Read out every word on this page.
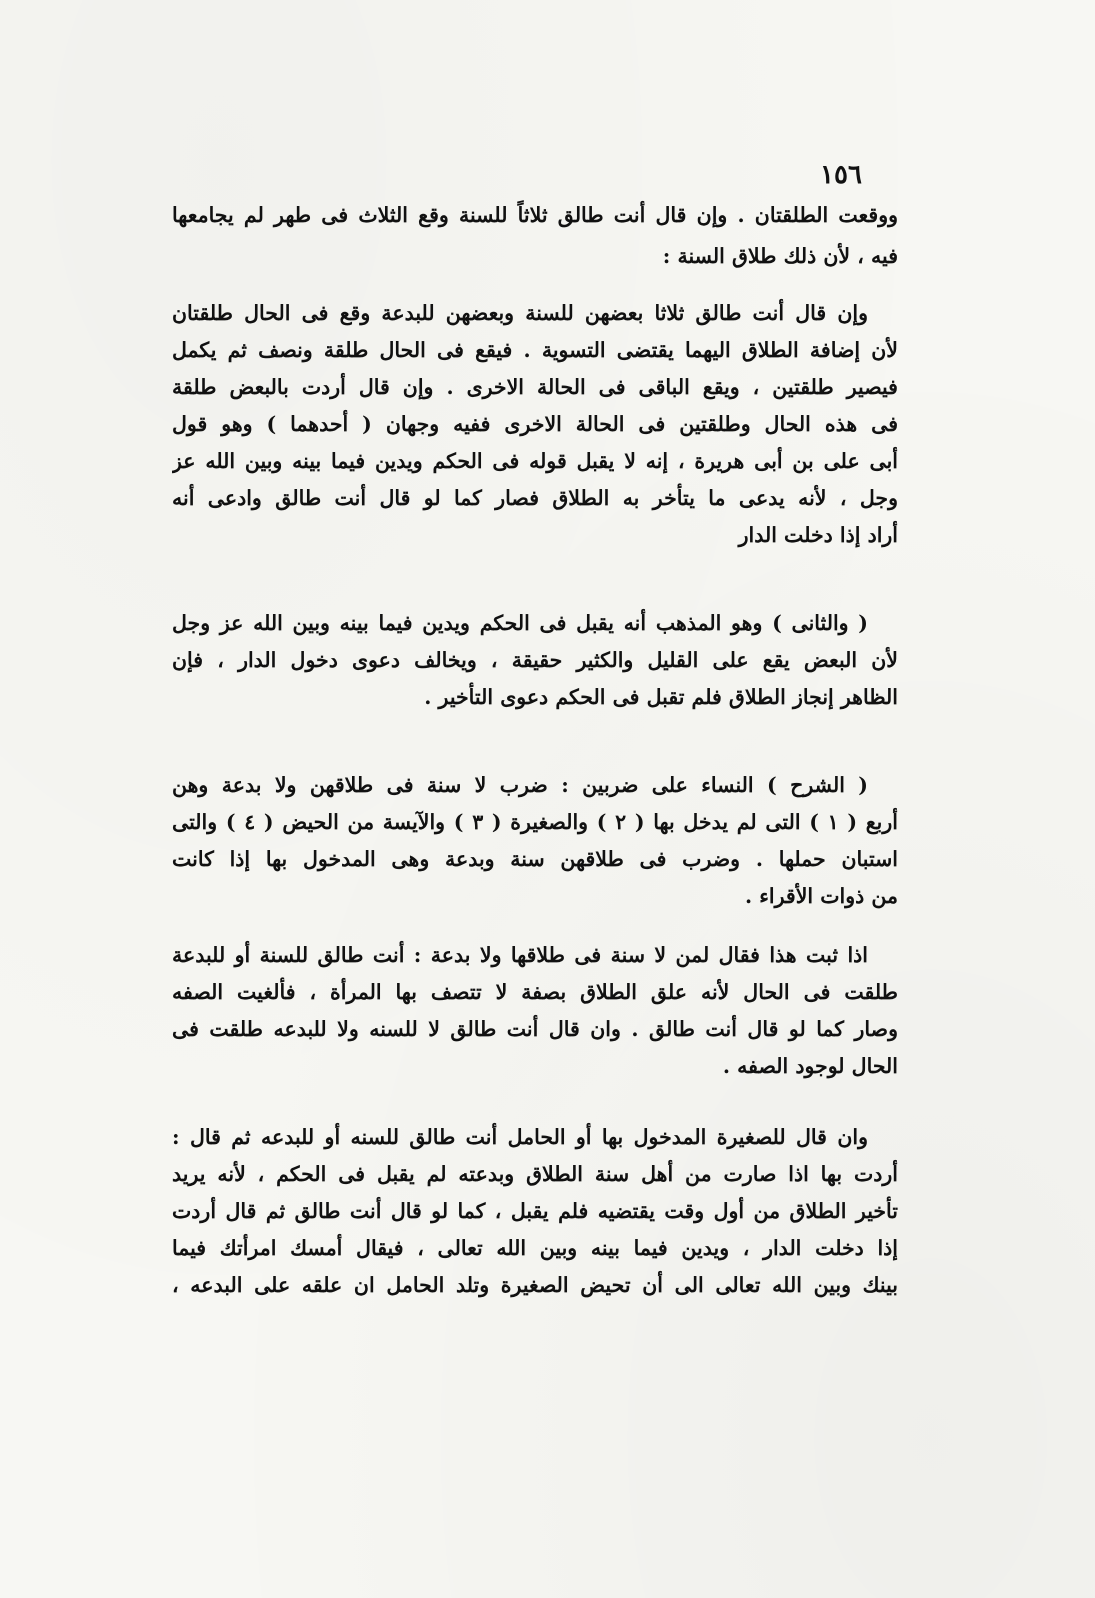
١٥٦
ووقعت الطلقتان . وإن قال أنت طالق ثلاثاً للسنة وقع الثلاث فى طهر لم يجامعها
فيه ، لأن ذلك طلاق السنة :
وإن قال أنت طالق ثلاثا بعضهن للسنة وبعضهن للبدعة وقع فى الحال طلقتان
لأن إضافة الطلاق اليهما يقتضى التسوية . فيقع فى الحال طلقة ونصف ثم يكمل
فيصير طلقتين ، ويقع الباقى فى الحالة الاخرى . وإن قال أردت بالبعض طلقة
فى هذه الحال وطلقتين فى الحالة الاخرى ففيه وجهان ( أحدهما ) وهو قول
أبى على بن أبى هريرة ، إنه لا يقبل قوله فى الحكم ويدين فيما بينه وبين الله عز
وجل ، لأنه يدعى ما يتأخر به الطلاق فصار كما لو قال أنت طالق وادعى أنه
أراد إذا دخلت الدار
( والثانى ) وهو المذهب أنه يقبل فى الحكم ويدين فيما بينه وبين الله عز وجل
لأن البعض يقع على القليل والكثير حقيقة ، ويخالف دعوى دخول الدار ، فإن
الظاهر إنجاز الطلاق فلم تقبل فى الحكم دعوى التأخير .
( الشرح ) النساء على ضربين : ضرب لا سنة فى طلاقهن ولا بدعة وهن
أربع ( ١ ) التى لم يدخل بها ( ٢ ) والصغيرة ( ٣ ) والآيسة من الحيض ( ٤ ) والتى
استبان حملها . وضرب فى طلاقهن سنة وبدعة وهى المدخول بها إذا كانت
من ذوات الأقراء .
اذا ثبت هذا فقال لمن لا سنة فى طلاقها ولا بدعة : أنت طالق للسنة أو للبدعة
طلقت فى الحال لأنه علق الطلاق بصفة لا تتصف بها المرأة ، فألغيت الصفه
وصار كما لو قال أنت طالق . وان قال أنت طالق لا للسنه ولا للبدعه طلقت فى
الحال لوجود الصفه .
وان قال للصغيرة المدخول بها أو الحامل أنت طالق للسنه أو للبدعه ثم قال :
أردت بها اذا صارت من أهل سنة الطلاق وبدعته لم يقبل فى الحكم ، لأنه يريد
تأخير الطلاق من أول وقت يقتضيه فلم يقبل ، كما لو قال أنت طالق ثم قال أردت
إذا دخلت الدار ، ويدين فيما بينه وبين الله تعالى ، فيقال أمسك امرأتك فيما
بينك وبين الله تعالى الى أن تحيض الصغيرة وتلد الحامل ان علقه على البدعه ،
